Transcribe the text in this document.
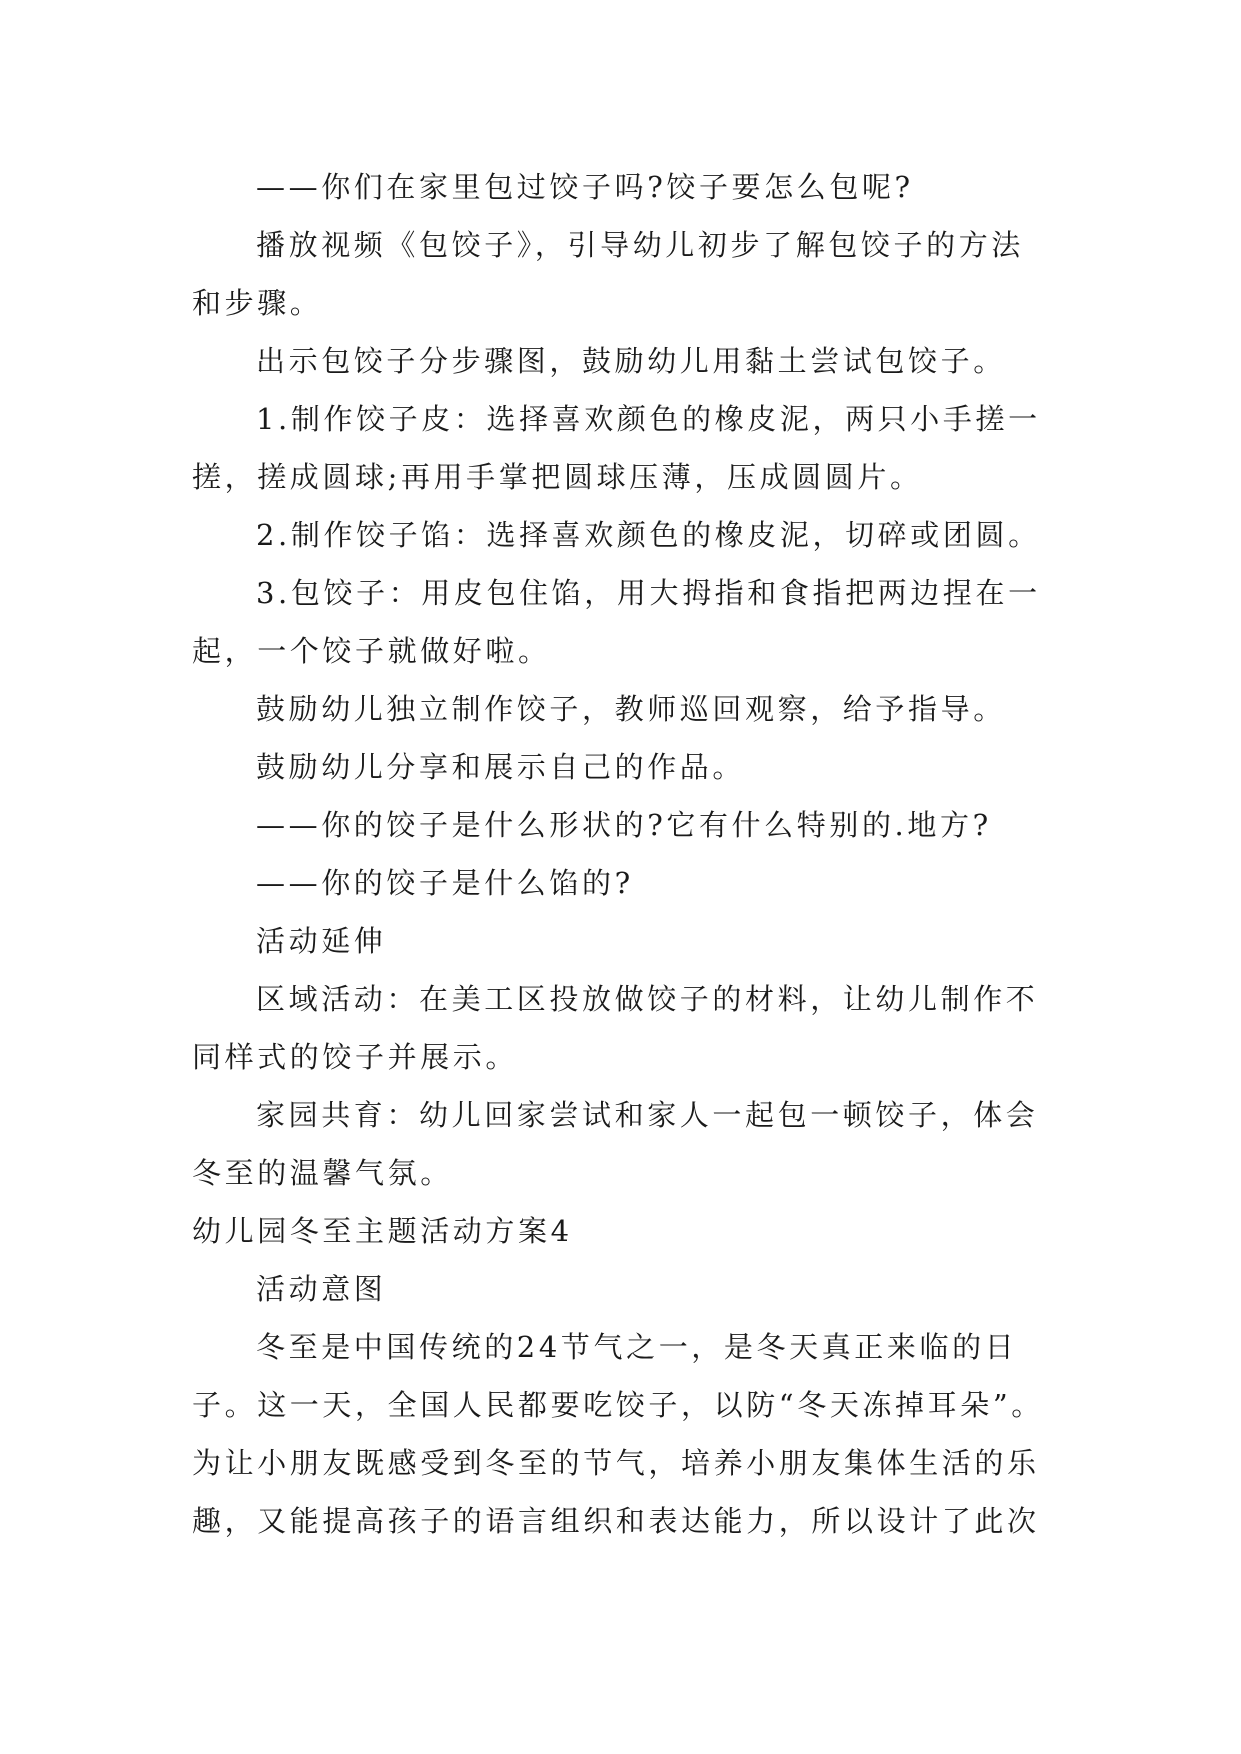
——你们在家里包过饺子吗?饺子要怎么包呢?
播放视频《包饺子》，引导幼儿初步了解包饺子的方法
和步骤。
出示包饺子分步骤图，鼓励幼儿用黏土尝试包饺子。
1.制作饺子皮：选择喜欢颜色的橡皮泥，两只小手搓一
搓，搓成圆球;再用手掌把圆球压薄，压成圆圆片。
2.制作饺子馅：选择喜欢颜色的橡皮泥，切碎或团圆。
3.包饺子：用皮包住馅，用大拇指和食指把两边捏在一
起，一个饺子就做好啦。
鼓励幼儿独立制作饺子，教师巡回观察，给予指导。
鼓励幼儿分享和展示自己的作品。
——你的饺子是什么形状的?它有什么特别的.地方?
——你的饺子是什么馅的?
活动延伸
区域活动：在美工区投放做饺子的材料，让幼儿制作不
同样式的饺子并展示。
家园共育：幼儿回家尝试和家人一起包一顿饺子，体会
冬至的温馨气氛。
幼儿园冬至主题活动方案4
活动意图
冬至是中国传统的24节气之一，是冬天真正来临的日
子。这一天，全国人民都要吃饺子，以防“冬天冻掉耳朵”。
为让小朋友既感受到冬至的节气，培养小朋友集体生活的乐
趣，又能提高孩子的语言组织和表达能力，所以设计了此次
